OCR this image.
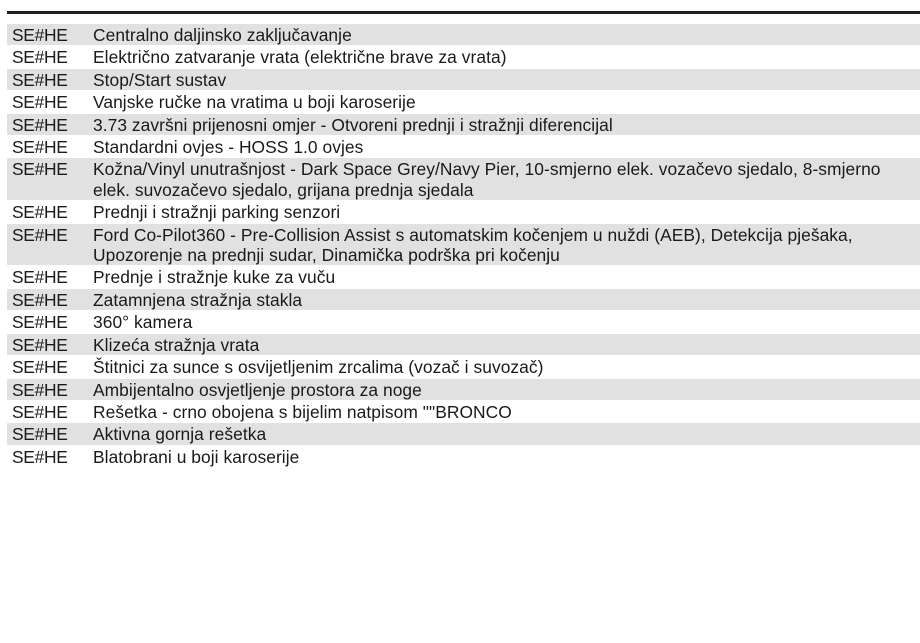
SE#HE	Centralno daljinsko zaključavanje
SE#HE	Električno zatvaranje vrata (električne brave za vrata)
SE#HE	Stop/Start sustav
SE#HE	Vanjske ručke na vratima u boji karoserije
SE#HE	3.73 završni prijenosni omjer - Otvoreni prednji i stražnji diferencijal
SE#HE	Standardni ovjes - HOSS 1.0 ovjes
SE#HE	Kožna/Vinyl unutrašnjost - Dark Space Grey/Navy Pier, 10-smjerno elek. vozačevo sjedalo, 8-smjerno elek. suvozačevo sjedalo, grijana prednja sjedala
SE#HE	Prednji i stražnji parking senzori
SE#HE	Ford Co-Pilot360 - Pre-Collision Assist s automatskim kočenjem u nuždi (AEB), Detekcija pješaka, Upozorenje na prednji sudar, Dinamička podrška pri kočenju
SE#HE	Prednje i stražnje kuke za vuču
SE#HE	Zatamnjena stražnja stakla
SE#HE	360° kamera
SE#HE	Klizeća stražnja vrata
SE#HE	Štitnici za sunce s osvijetljenim zrcalima (vozač i suvozač)
SE#HE	Ambijentalno osvjetljenje prostora za noge
SE#HE	Rešetka - crno obojena s bijelim natpisom ""BRONCO
SE#HE	Aktivna gornja rešetka
SE#HE	Blatobrani u boji karoserije
